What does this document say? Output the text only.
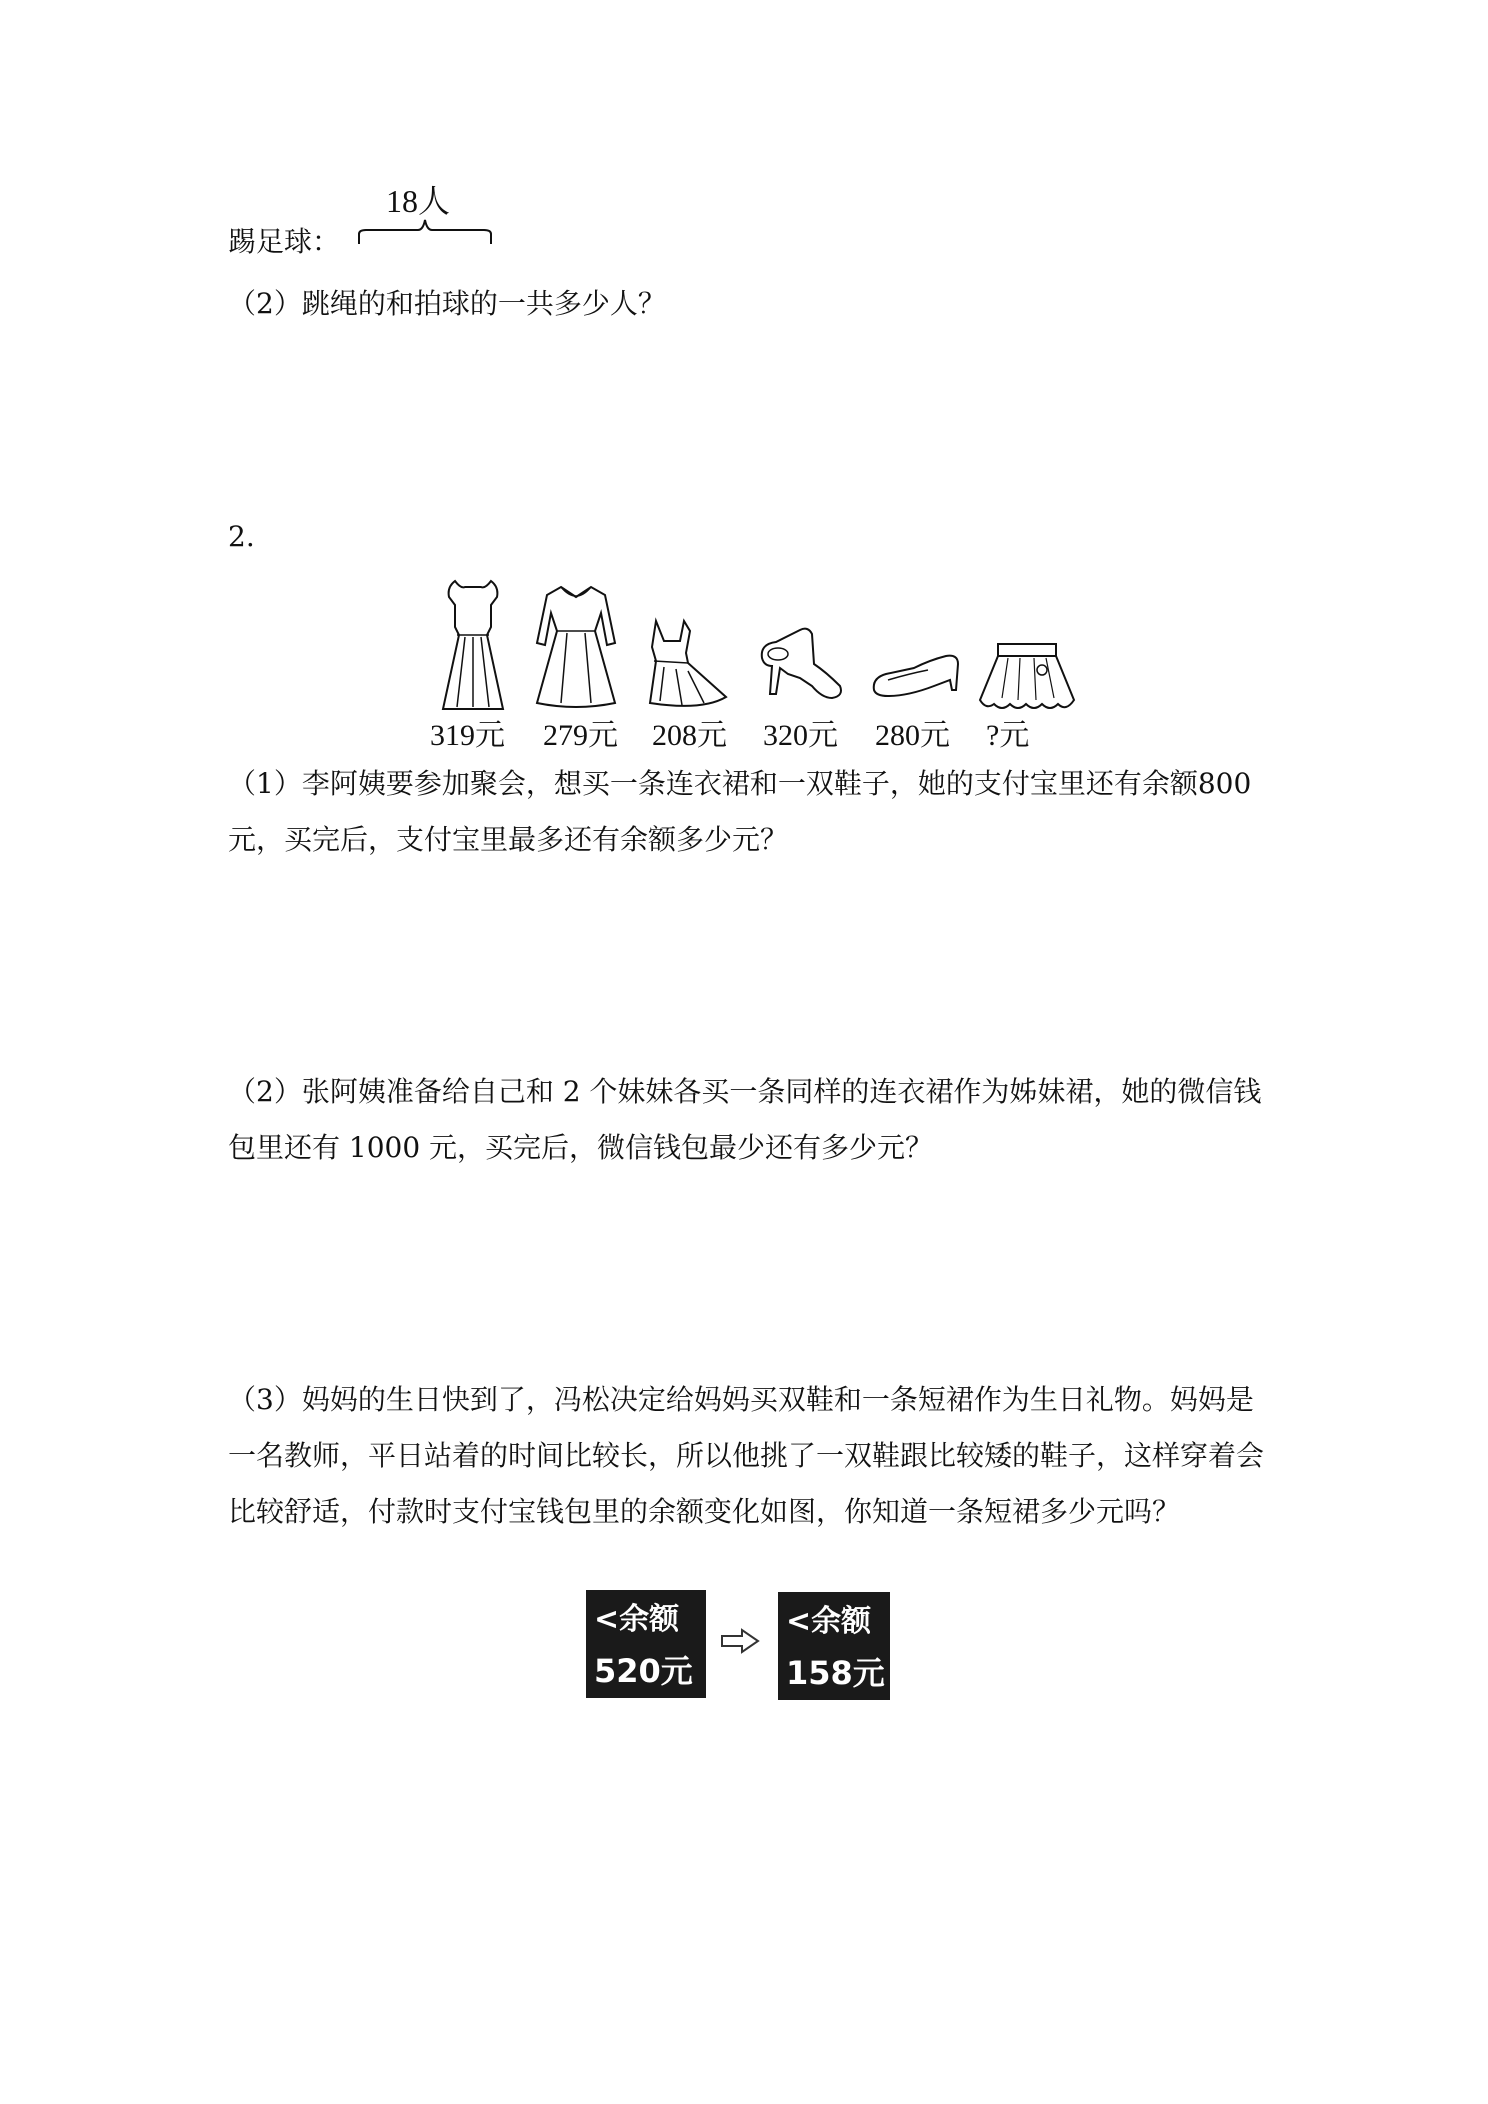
18人
踢足球：
（2）跳绳的和拍球的一共多少人？
2.
319元 279元 208元 320元 280元 ?元
（1）李阿姨要参加聚会，想买一条连衣裙和一双鞋子，她的支付宝里还有余额800 元，买完后，支付宝里最多还有余额多少元？
（2）张阿姨准备给自己和 2 个妹妹各买一条同样的连衣裙作为姊妹裙，她的微信钱包里还有 1000 元，买完后，微信钱包最少还有多少元？
（3）妈妈的生日快到了，冯松决定给妈妈买双鞋和一条短裙作为生日礼物。妈妈是一名教师，平日站着的时间比较长，所以他挑了一双鞋跟比较矮的鞋子，这样穿着会比较舒适，付款时支付宝钱包里的余额变化如图，你知道一条短裙多少元吗？
<余额
520元
<余额
158元
